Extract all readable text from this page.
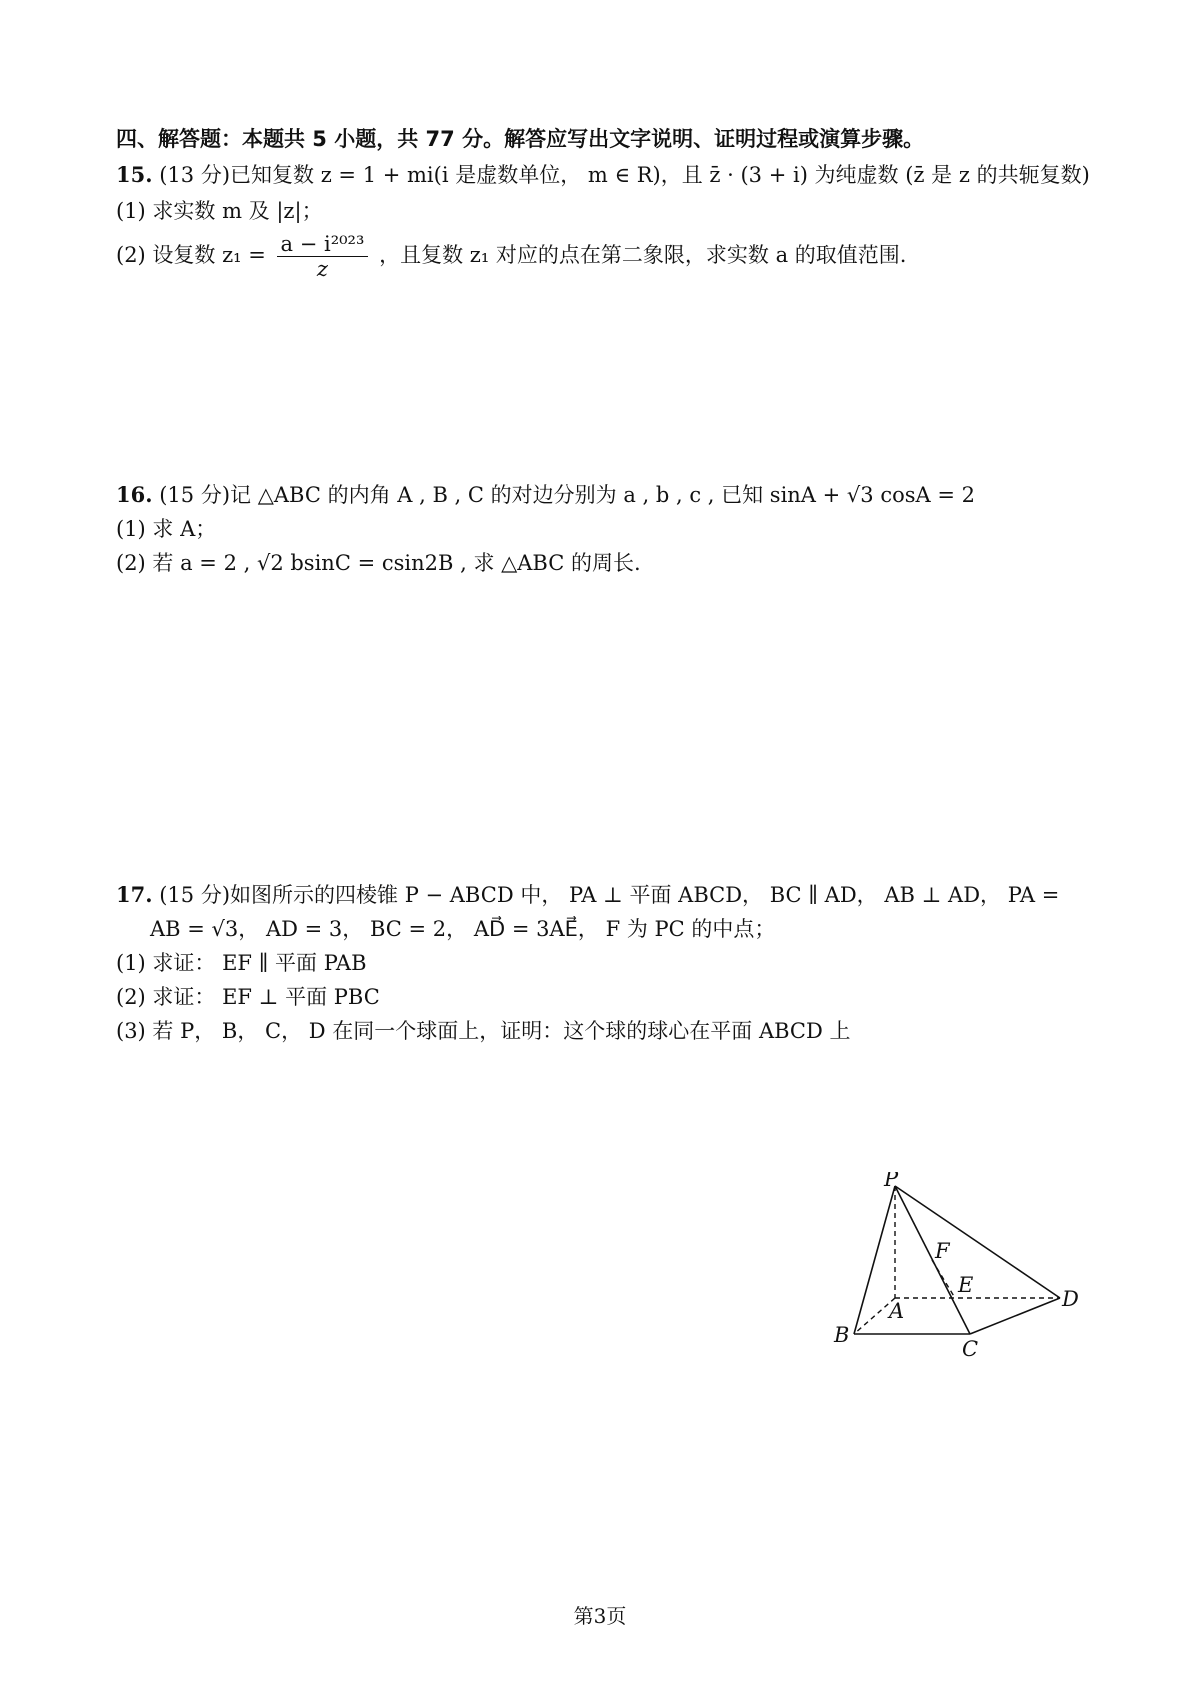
四、解答题：本题共 5 小题，共 77 分。解答应写出文字说明、证明过程或演算步骤。
15. (13 分)已知复数 z = 1 + mi(i 是虚数单位， m ∈ R)，且 z̄ · (3 + i) 为纯虚数 (z̄ 是 z 的共轭复数)
(1) 求实数 m 及 |z|；
(2) 设复数 $z_1 = \frac{\text{a − i²⁰²³}}{z}$ ，且复数 z₁ 对应的点在第二象限，求实数 a 的取值范围.
16. (15 分)记 △ABC 的内角 A , B , C 的对边分别为 a , b , c , 已知 sinA + √3 cosA = 2
(1) 求 A；
(2) 若 a = 2 , √2 bsinC = csin2B , 求 △ABC 的周长.
17. (15 分)如图所示的四棱锥 P − ABCD 中， PA ⊥ 平面 ABCD， BC ∥ AD， AB ⊥ AD， PA =
AB = √3， AD = 3， BC = 2， AD⃗ = 3AE⃗， F 为 PC 的中点；
(1) 求证： EF ∥ 平面 PAB
(2) 求证： EF ⊥ 平面 PBC
(3) 若 P， B， C， D 在同一个球面上，证明：这个球的球心在平面 ABCD 上
P
F
E
A	D
B
C
第3页
